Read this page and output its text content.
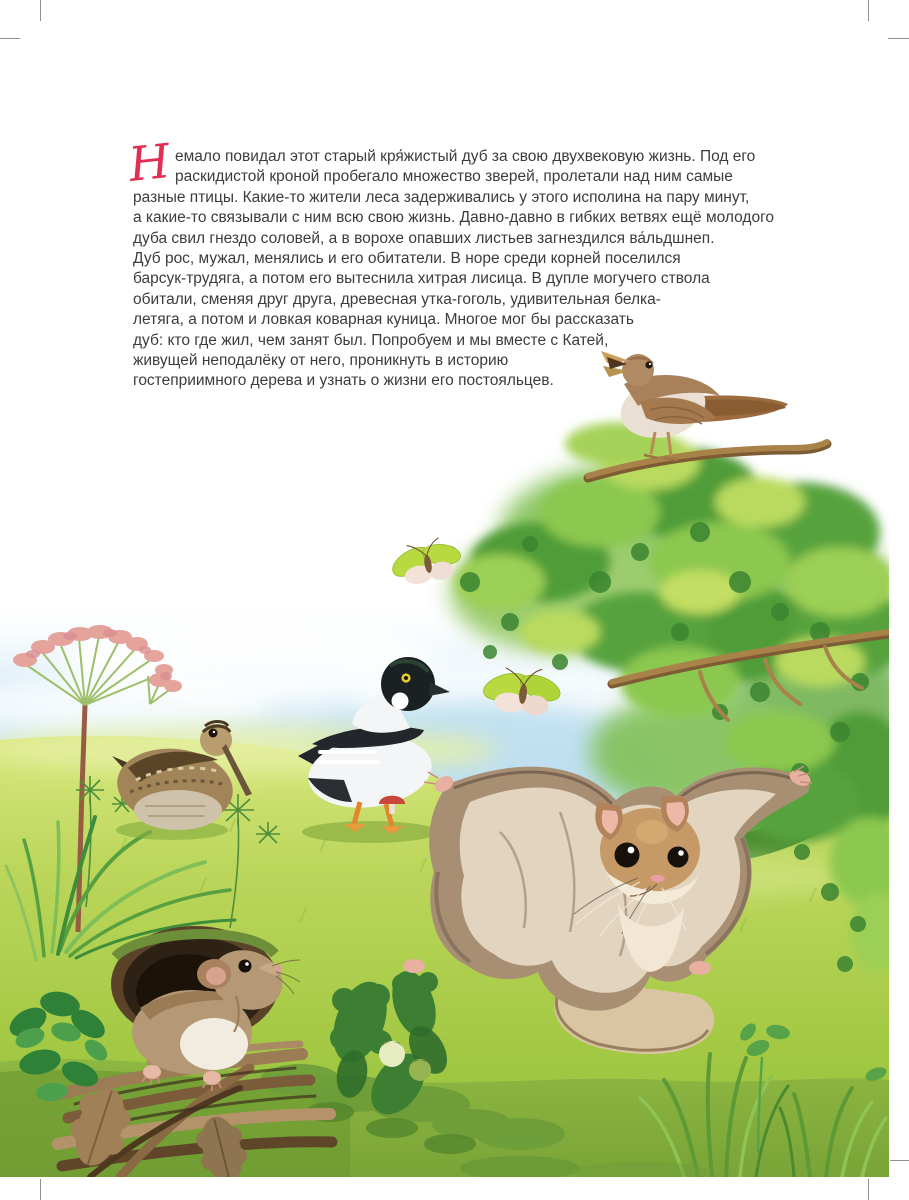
Н емало повидал этот старый кря́жистый дуб за свою двухвековую жизнь. Под его
раскидистой кроной пробегало множество зверей, пролетали над ним самые
разные птицы. Какие-то жители леса задерживались у этого исполина на пару минут,
а какие-то связывали с ним всю свою жизнь. Давно-давно в гибких ветвях ещё молодого
дуба свил гнездо соловей, а в ворохе опавших листьев загнездился ва́льдшнеп.
Дуб рос, мужал, менялись и его обитатели. В норе среди корней поселился
барсук-трудяга, а потом его вытеснила хитрая лисица. В дупле могучего ствола
обитали, сменяя друг друга, древесная утка-гоголь, удивительная белка-
летяга, а потом и ловкая коварная куница. Многое мог бы рассказать
дуб: кто где жил, чем занят был. Попробуем и мы вместе с Катей,
живущей неподалёку от него, проникнуть в историю
гостеприимного дерева и узнать о жизни его постояльцев.
